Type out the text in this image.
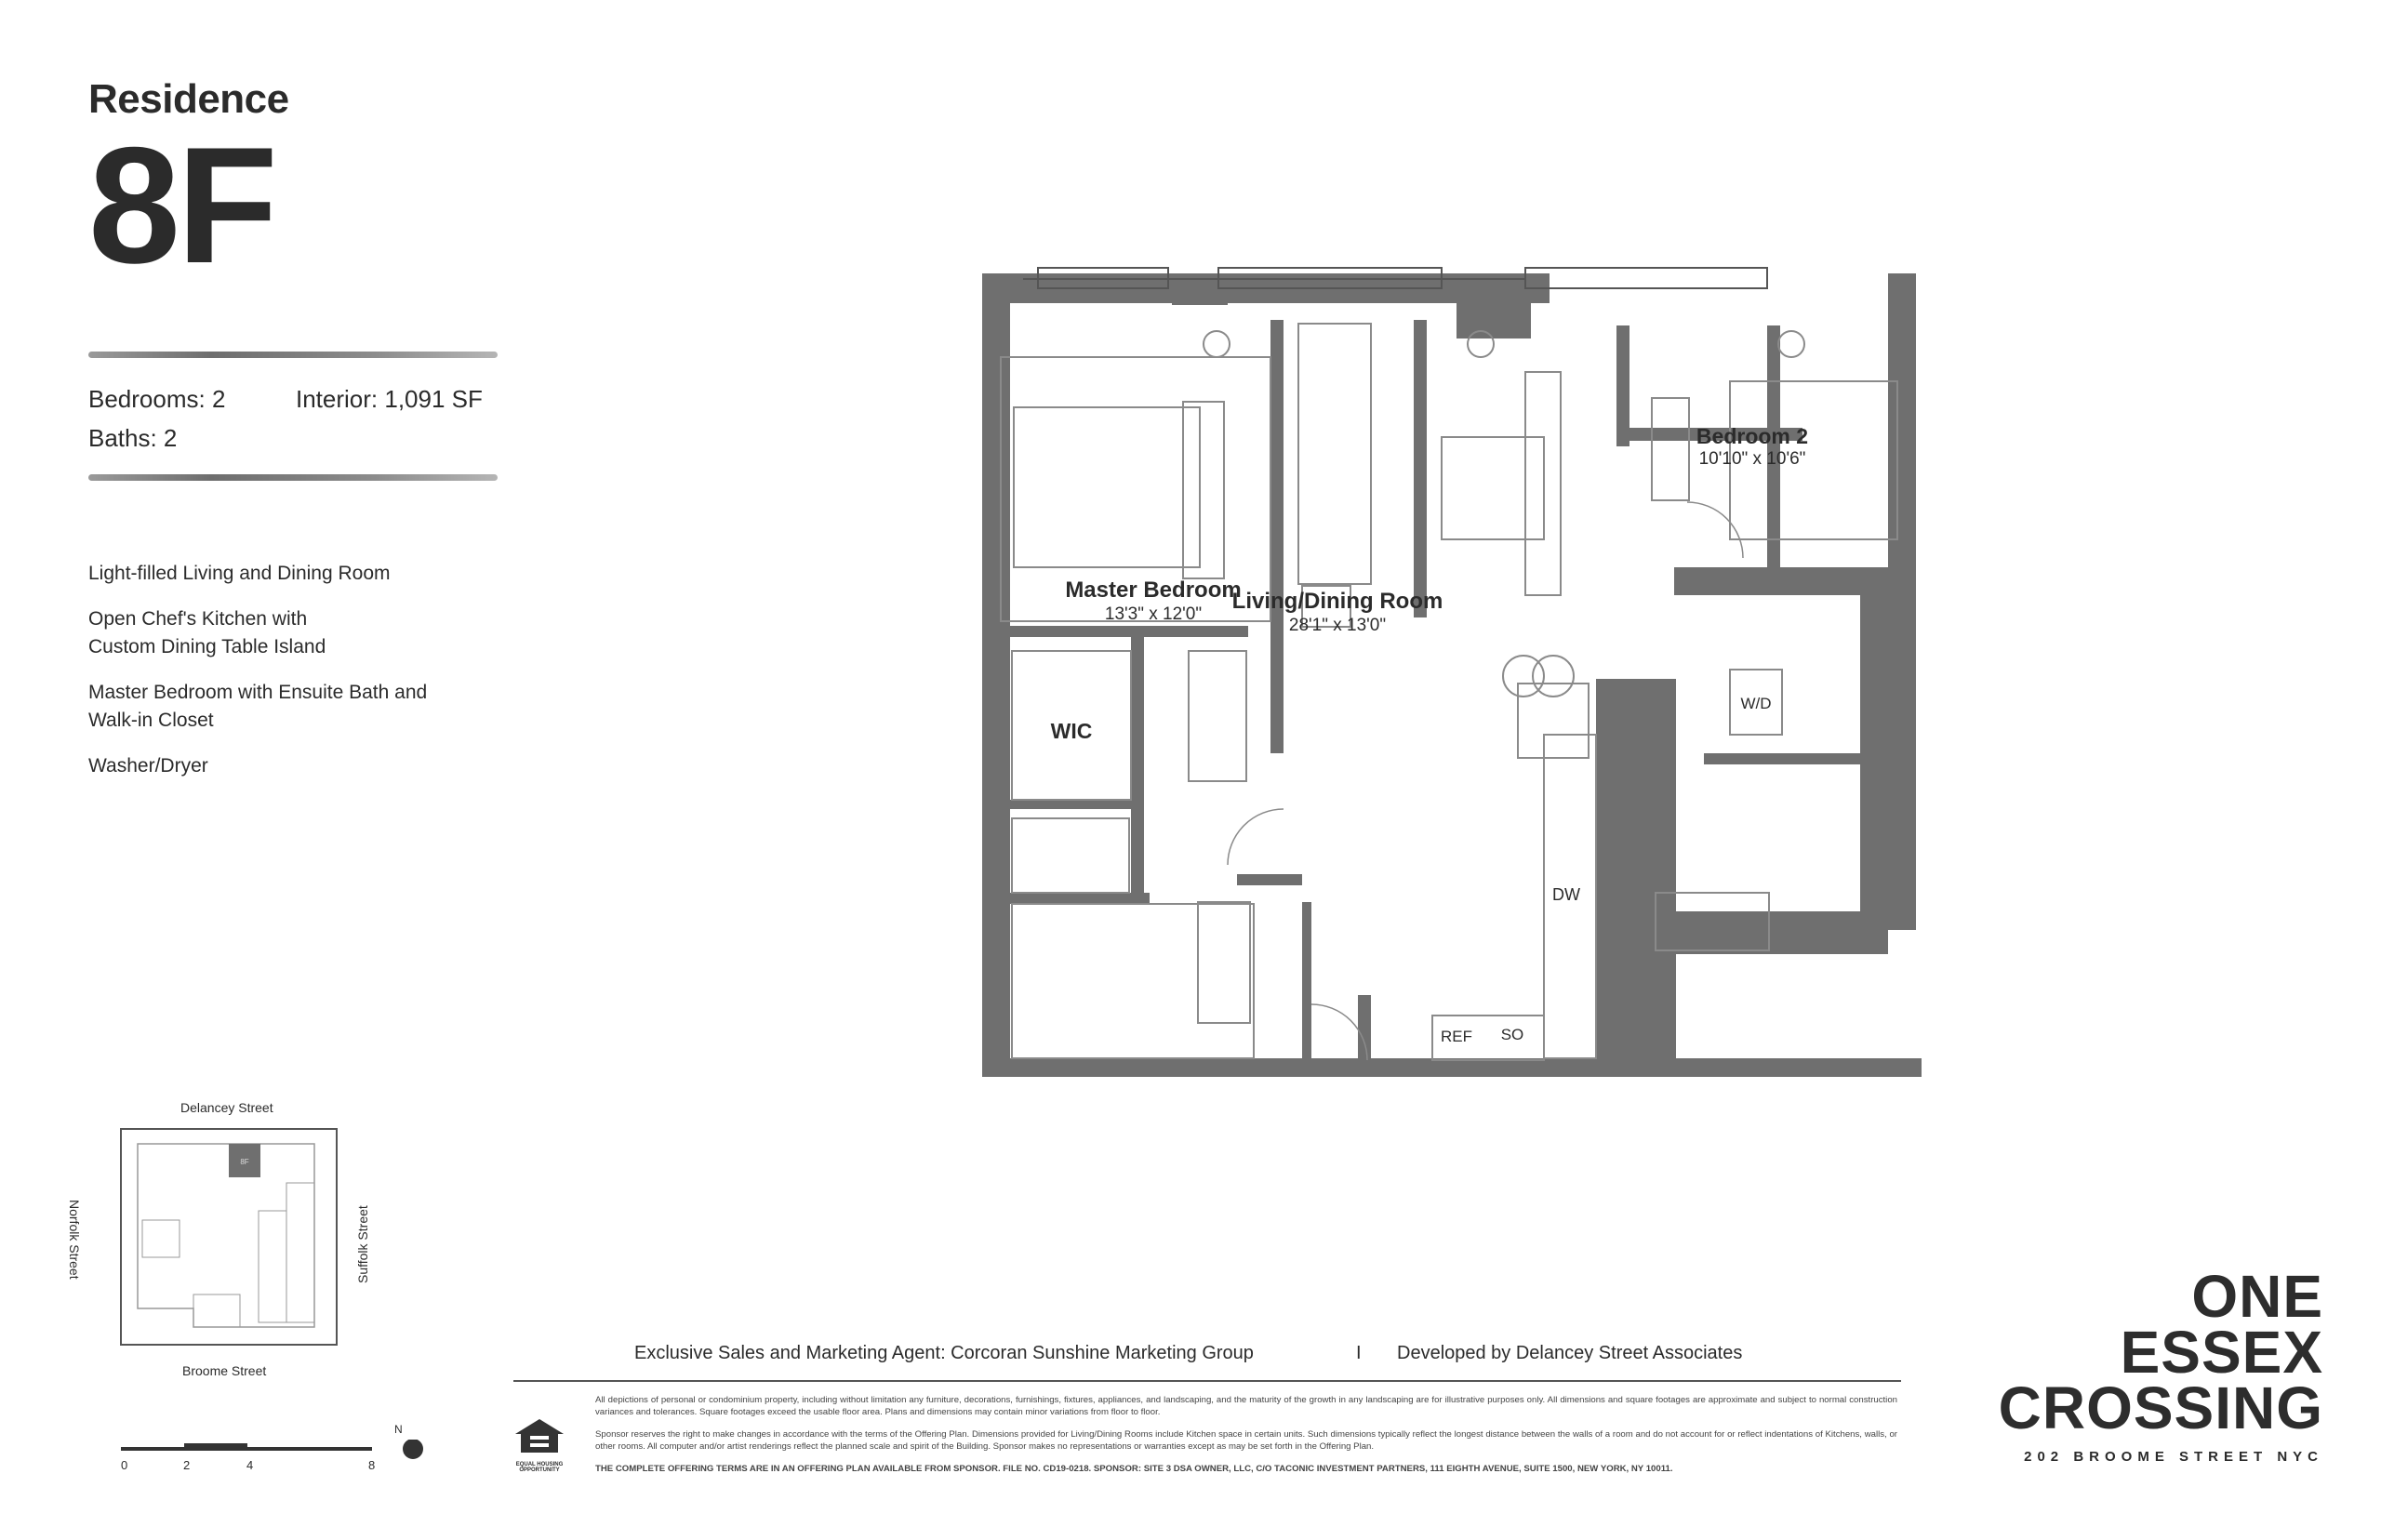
Residence
8F
Bedrooms: 2	Interior: 1,091 SF
Baths: 2
Light-filled Living and Dining Room
Open Chef's Kitchen with
Custom Dining Table Island
Master Bedroom with Ensuite Bath and
Walk-in Closet
Washer/Dryer
Master Bedroom
13'3" x 12'0"
Living/Dining Room
28'1" x 13'0"
Bedroom 2
10'10" x 10'6"
WIC
W/D
DW
REF SO
Delancey Street
8F
Norfolk Street	Suffolk Street
Broome Street
0	2	4	8
N
Exclusive Sales and Marketing Agent: Corcoran Sunshine Marketing Group	I Developed by Delancey Street Associates
EQUAL HOUSING OPPORTUNITY
All depictions of personal or condominium property, including without limitation any furniture, decorations, furnishings, fixtures, appliances, and landscaping, and the maturity of the growth in any landscaping are for illustrative purposes only. All dimensions and square footages are approximate and subject to normal construction variances and tolerances. Square footages exceed the usable floor area. Plans and dimensions may contain minor variations from floor to floor.
Sponsor reserves the right to make changes in accordance with the terms of the Offering Plan. Dimensions provided for Living/Dining Rooms include Kitchen space in certain units. Such dimensions typically reflect the longest distance between the walls of a room and do not account for or reflect indentations of Kitchens, walls, or other rooms. All computer and/or artist renderings reflect the planned scale and spirit of the Building. Sponsor makes no representations or warranties except as may be set forth in the Offering Plan.
THE COMPLETE OFFERING TERMS ARE IN AN OFFERING PLAN AVAILABLE FROM SPONSOR. FILE NO. CD19-0218. SPONSOR: SITE 3 DSA OWNER, LLC, C/O TACONIC INVESTMENT PARTNERS, 111 EIGHTH AVENUE, SUITE 1500, NEW YORK, NY 10011.
ONE
ESSEX
CROSSING
202 BROOME STREET NYC
